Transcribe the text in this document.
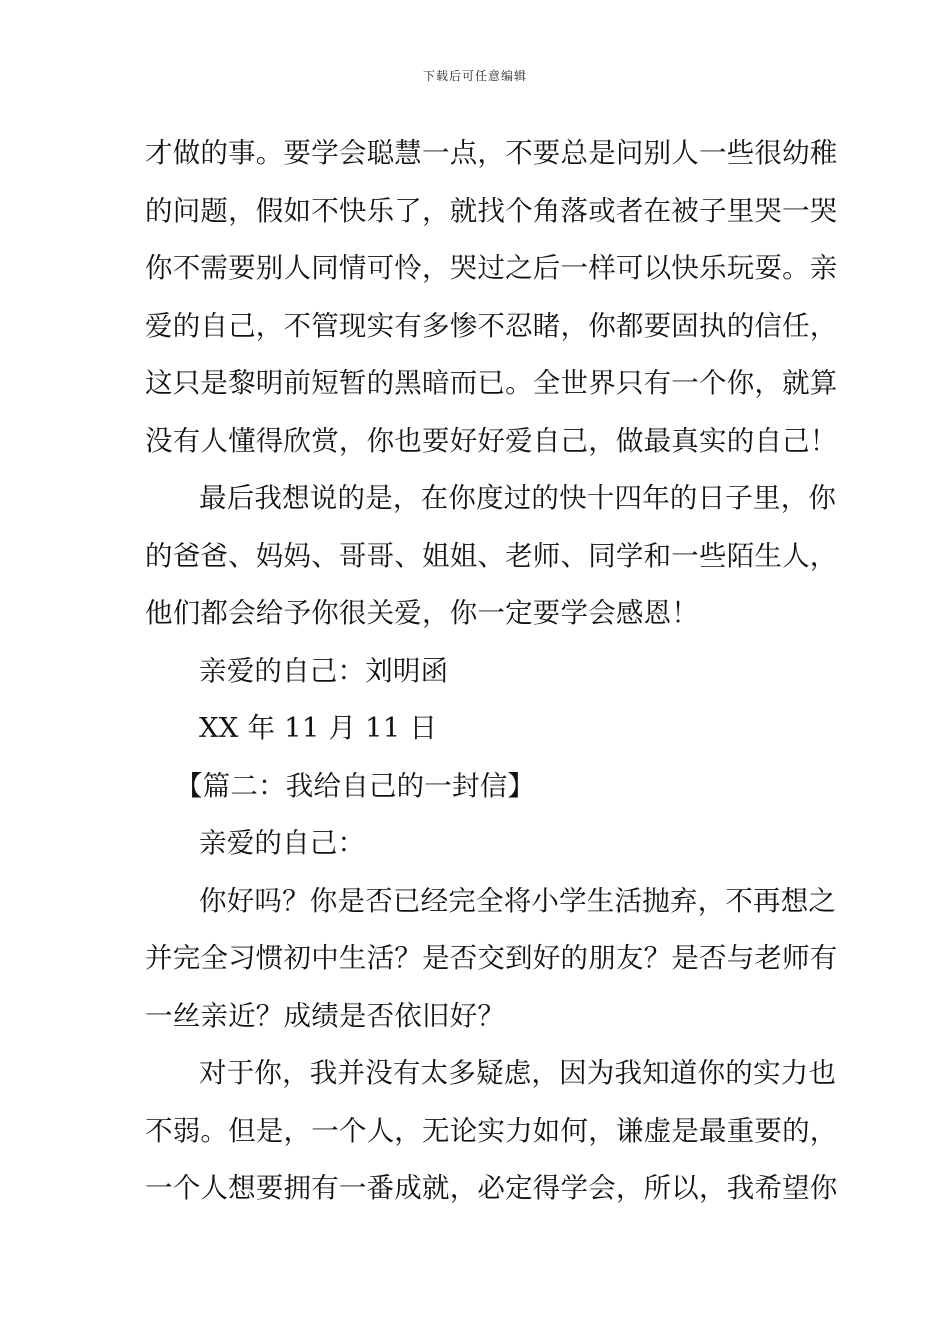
下载后可任意编辑
才做的事。要学会聪慧一点，不要总是问别人一些很幼稚
的问题，假如不快乐了，就找个角落或者在被子里哭一哭
你不需要别人同情可怜，哭过之后一样可以快乐玩耍。亲
爱的自己，不管现实有多惨不忍睹，你都要固执的信任，
这只是黎明前短暂的黑暗而已。全世界只有一个你，就算
没有人懂得欣赏，你也要好好爱自己，做最真实的自己！
最后我想说的是，在你度过的快十四年的日子里，你
的爸爸、妈妈、哥哥、姐姐、老师、同学和一些陌生人，
他们都会给予你很关爱，你一定要学会感恩！
亲爱的自己：刘明函
XX 年 11 月 11 日
【篇二：我给自己的一封信】
亲爱的自己：
你好吗？你是否已经完全将小学生活抛弃，不再想之
并完全习惯初中生活？是否交到好的朋友？是否与老师有
一丝亲近？成绩是否依旧好？
对于你，我并没有太多疑虑，因为我知道你的实力也
不弱。但是，一个人，无论实力如何，谦虚是最重要的，
一个人想要拥有一番成就，必定得学会，所以，我希望你
